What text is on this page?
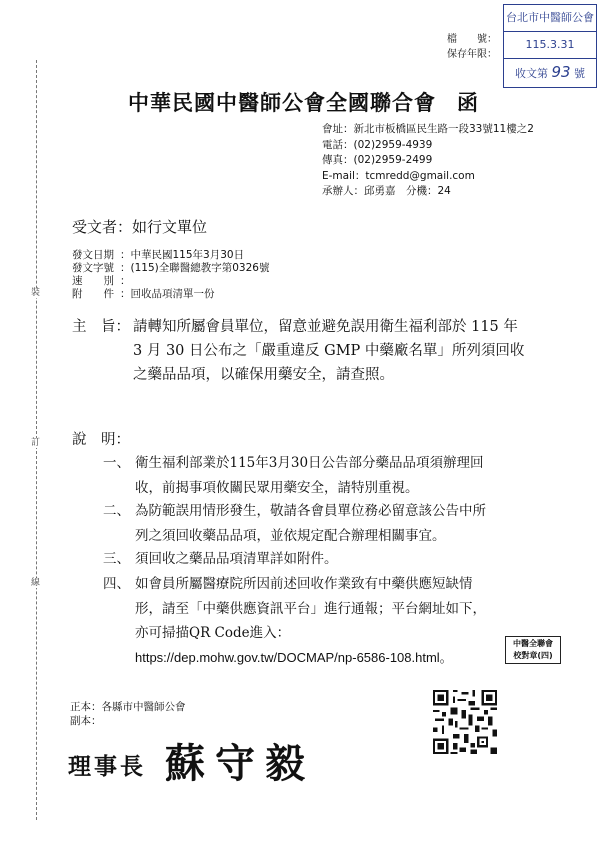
裝
訂
線
台北市中醫師公會
115.3.31
收文第 93 號
檔　　號：
保存年限：
中華民國中醫師公會全國聯合會 函
會址：新北市板橋區民生路一段33號11樓之2
電話：(02)2959-4939
傳真：(02)2959-2499
E-mail：tcmredd@gmail.com
承辦人：邱勇嘉　分機：24
受文者：如行文單位
發文日期 ：中華民國115年3月30日
發文字號 ：(115)全聯醫總教字第0326號
速　　別 ：
附　　件 ：回收品項清單一份
主　旨： 請轉知所屬會員單位，留意並避免誤用衛生福利部於 115 年
3 月 30 日公布之「嚴重違反 GMP 中藥廠名單」所列須回收
之藥品品項，以確保用藥安全，請查照。
說　明：
一、 衛生福利部業於115年3月30日公告部分藥品品項須辦理回
收，前揭事項攸關民眾用藥安全，請特別重視。
二、 為防範誤用情形發生，敬請各會員單位務必留意該公告中所
列之須回收藥品品項，並依規定配合辦理相關事宜。
三、 須回收之藥品品項清單詳如附件。
四、 如會員所屬醫療院所因前述回收作業致有中藥供應短缺情
形，請至「中藥供應資訊平台」進行通報；平台網址如下，
亦可掃描QR Code進入：
https://dep.mohw.gov.tw/DOCMAP/np-6586-108.html。
中醫全聯會
校對章(四)
正本：各縣市中醫師公會
副本：
理事長 蘇守毅
